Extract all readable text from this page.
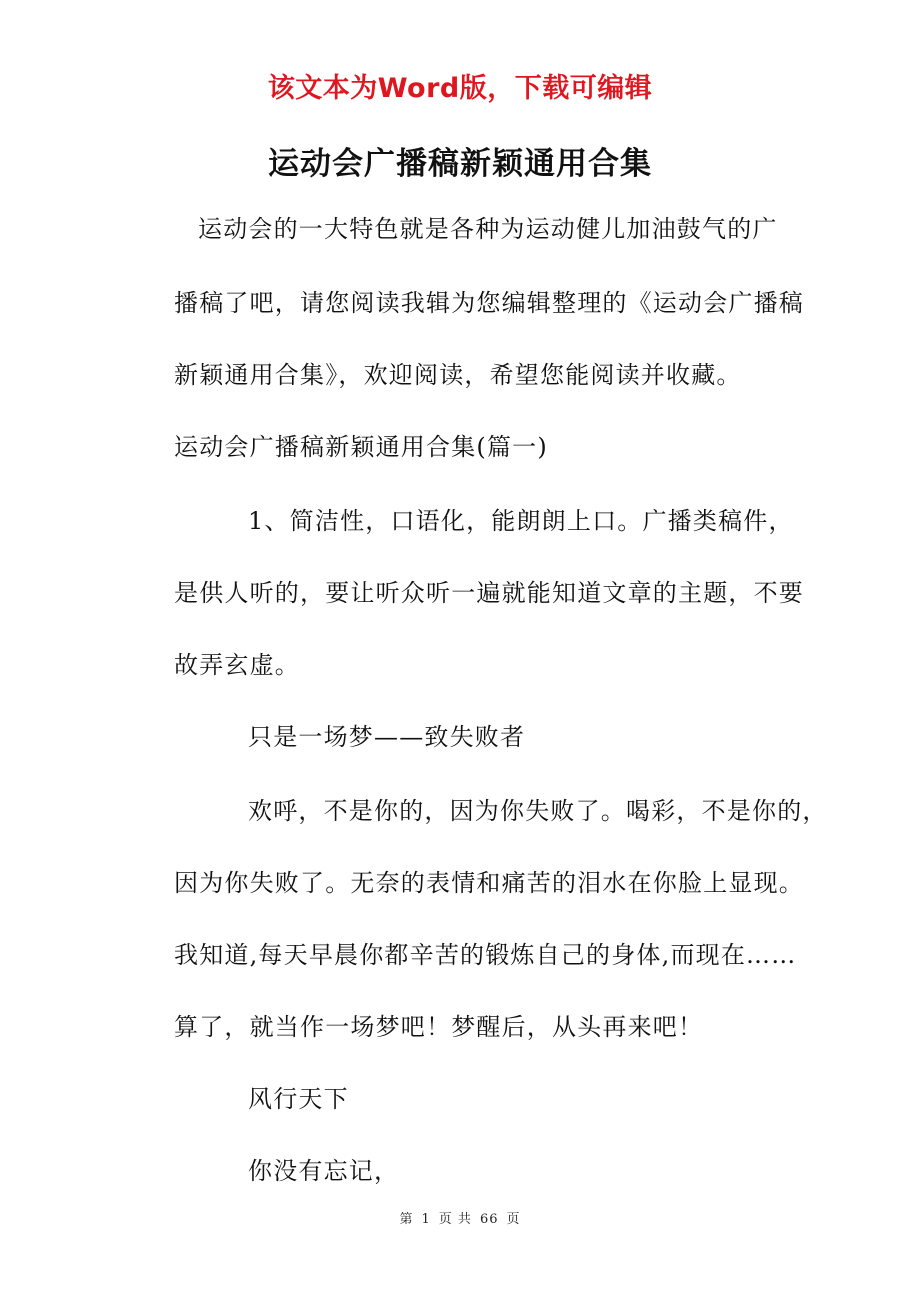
该文本为Word版，下载可编辑
运动会广播稿新颖通用合集
运动会的一大特色就是各种为运动健儿加油鼓气的广
播稿了吧，请您阅读我辑为您编辑整理的《运动会广播稿
新颖通用合集》，欢迎阅读，希望您能阅读并收藏。
运动会广播稿新颖通用合集(篇一)
1、简洁性，口语化，能朗朗上口。广播类稿件，
是供人听的，要让听众听一遍就能知道文章的主题，不要
故弄玄虚。
只是一场梦——致失败者
欢呼，不是你的，因为你失败了。喝彩，不是你的，
因为你失败了。无奈的表情和痛苦的泪水在你脸上显现。
我知道,每天早晨你都辛苦的锻炼自己的身体,而现在……
算了，就当作一场梦吧！梦醒后，从头再来吧！
风行天下
你没有忘记，
第 1 页 共 66 页
